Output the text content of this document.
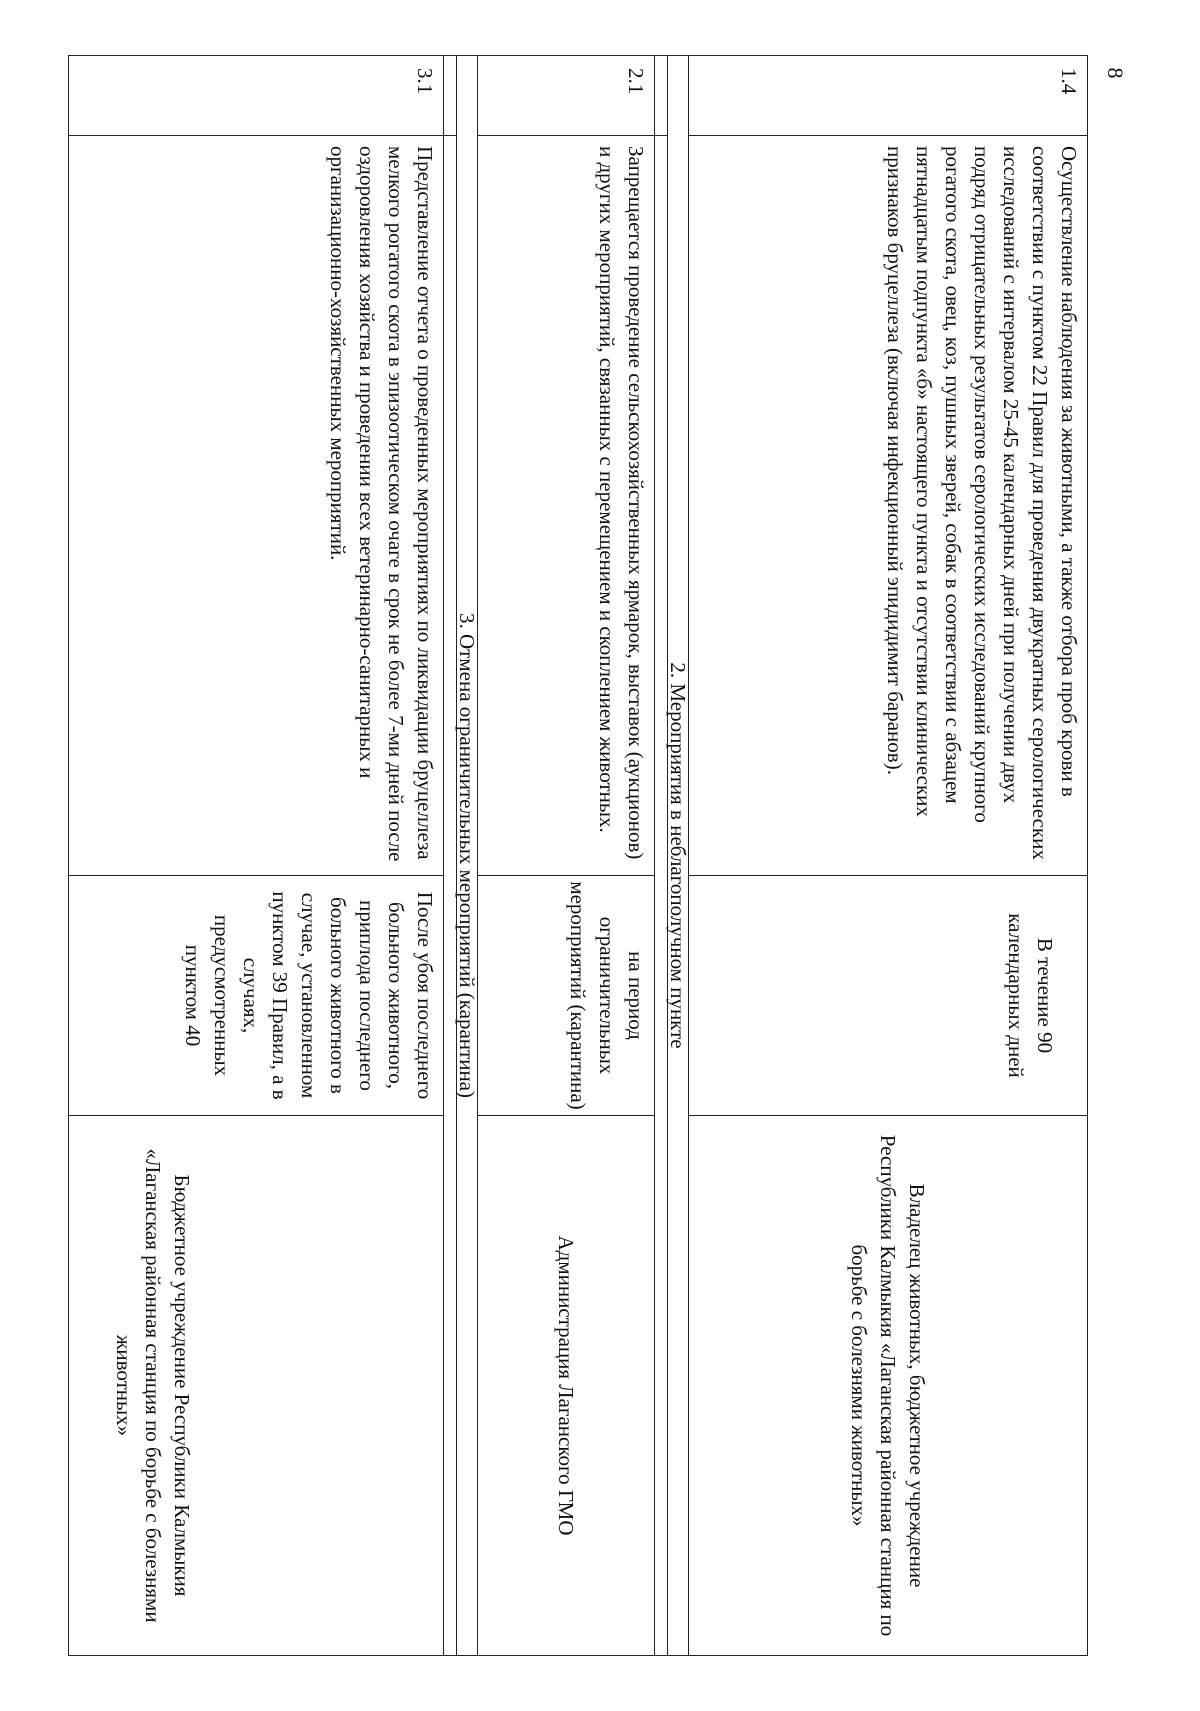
1.4	Осуществление наблюдения за животными, а также отбора проб крови в соответствии с пунктом 22 Правил для проведения двукратных серологических исследований с интервалом 25-45 календарных дней при получении двух подряд отрицательных результатов серологических исследований крупного рогатого скота, овец, коз, пушных зверей, собак в соответствии с абзацем пятнадцатым подпункта «б» настоящего пункта и отсутствии клинических признаков бруцеллеза (включая инфекционный эпидидимит баранов).	В течение 90 календарных дней	Владелец животных, бюджетное учреждение Республики Калмыкия «Лаганская районная станция по борьбе с болезнями животных»
2. Мероприятия в неблагополучном пункте			

2.1	Запрещается проведение сельскохозяйственных ярмарок, выставок (аукционов) и других мероприятий, связанных с перемещением и скоплением животных.	на период ограничительных мероприятий (карантина)	Администрация Лаганского ГМО
3. Отмена ограничительных мероприятий (карантина)			

3.1	Представление отчета о проведенных мероприятиях по ликвидации бруцеллеза мелкого рогатого скота в эпизоотическом очаге в срок не более 7-ми дней после оздоровления хозяйства и проведении всех ветеринарно-санитарных и организационно-хозяйственных мероприятий.	После убоя последнего больного животного, приплода последнего больного животного в случае, установленном пунктом 39 Правил, а в случаях, предусмотренных пунктом 40	Бюджетное учреждение Республики Калмыкия «Лаганская районная станция по борьбе с болезнями животных»
8
